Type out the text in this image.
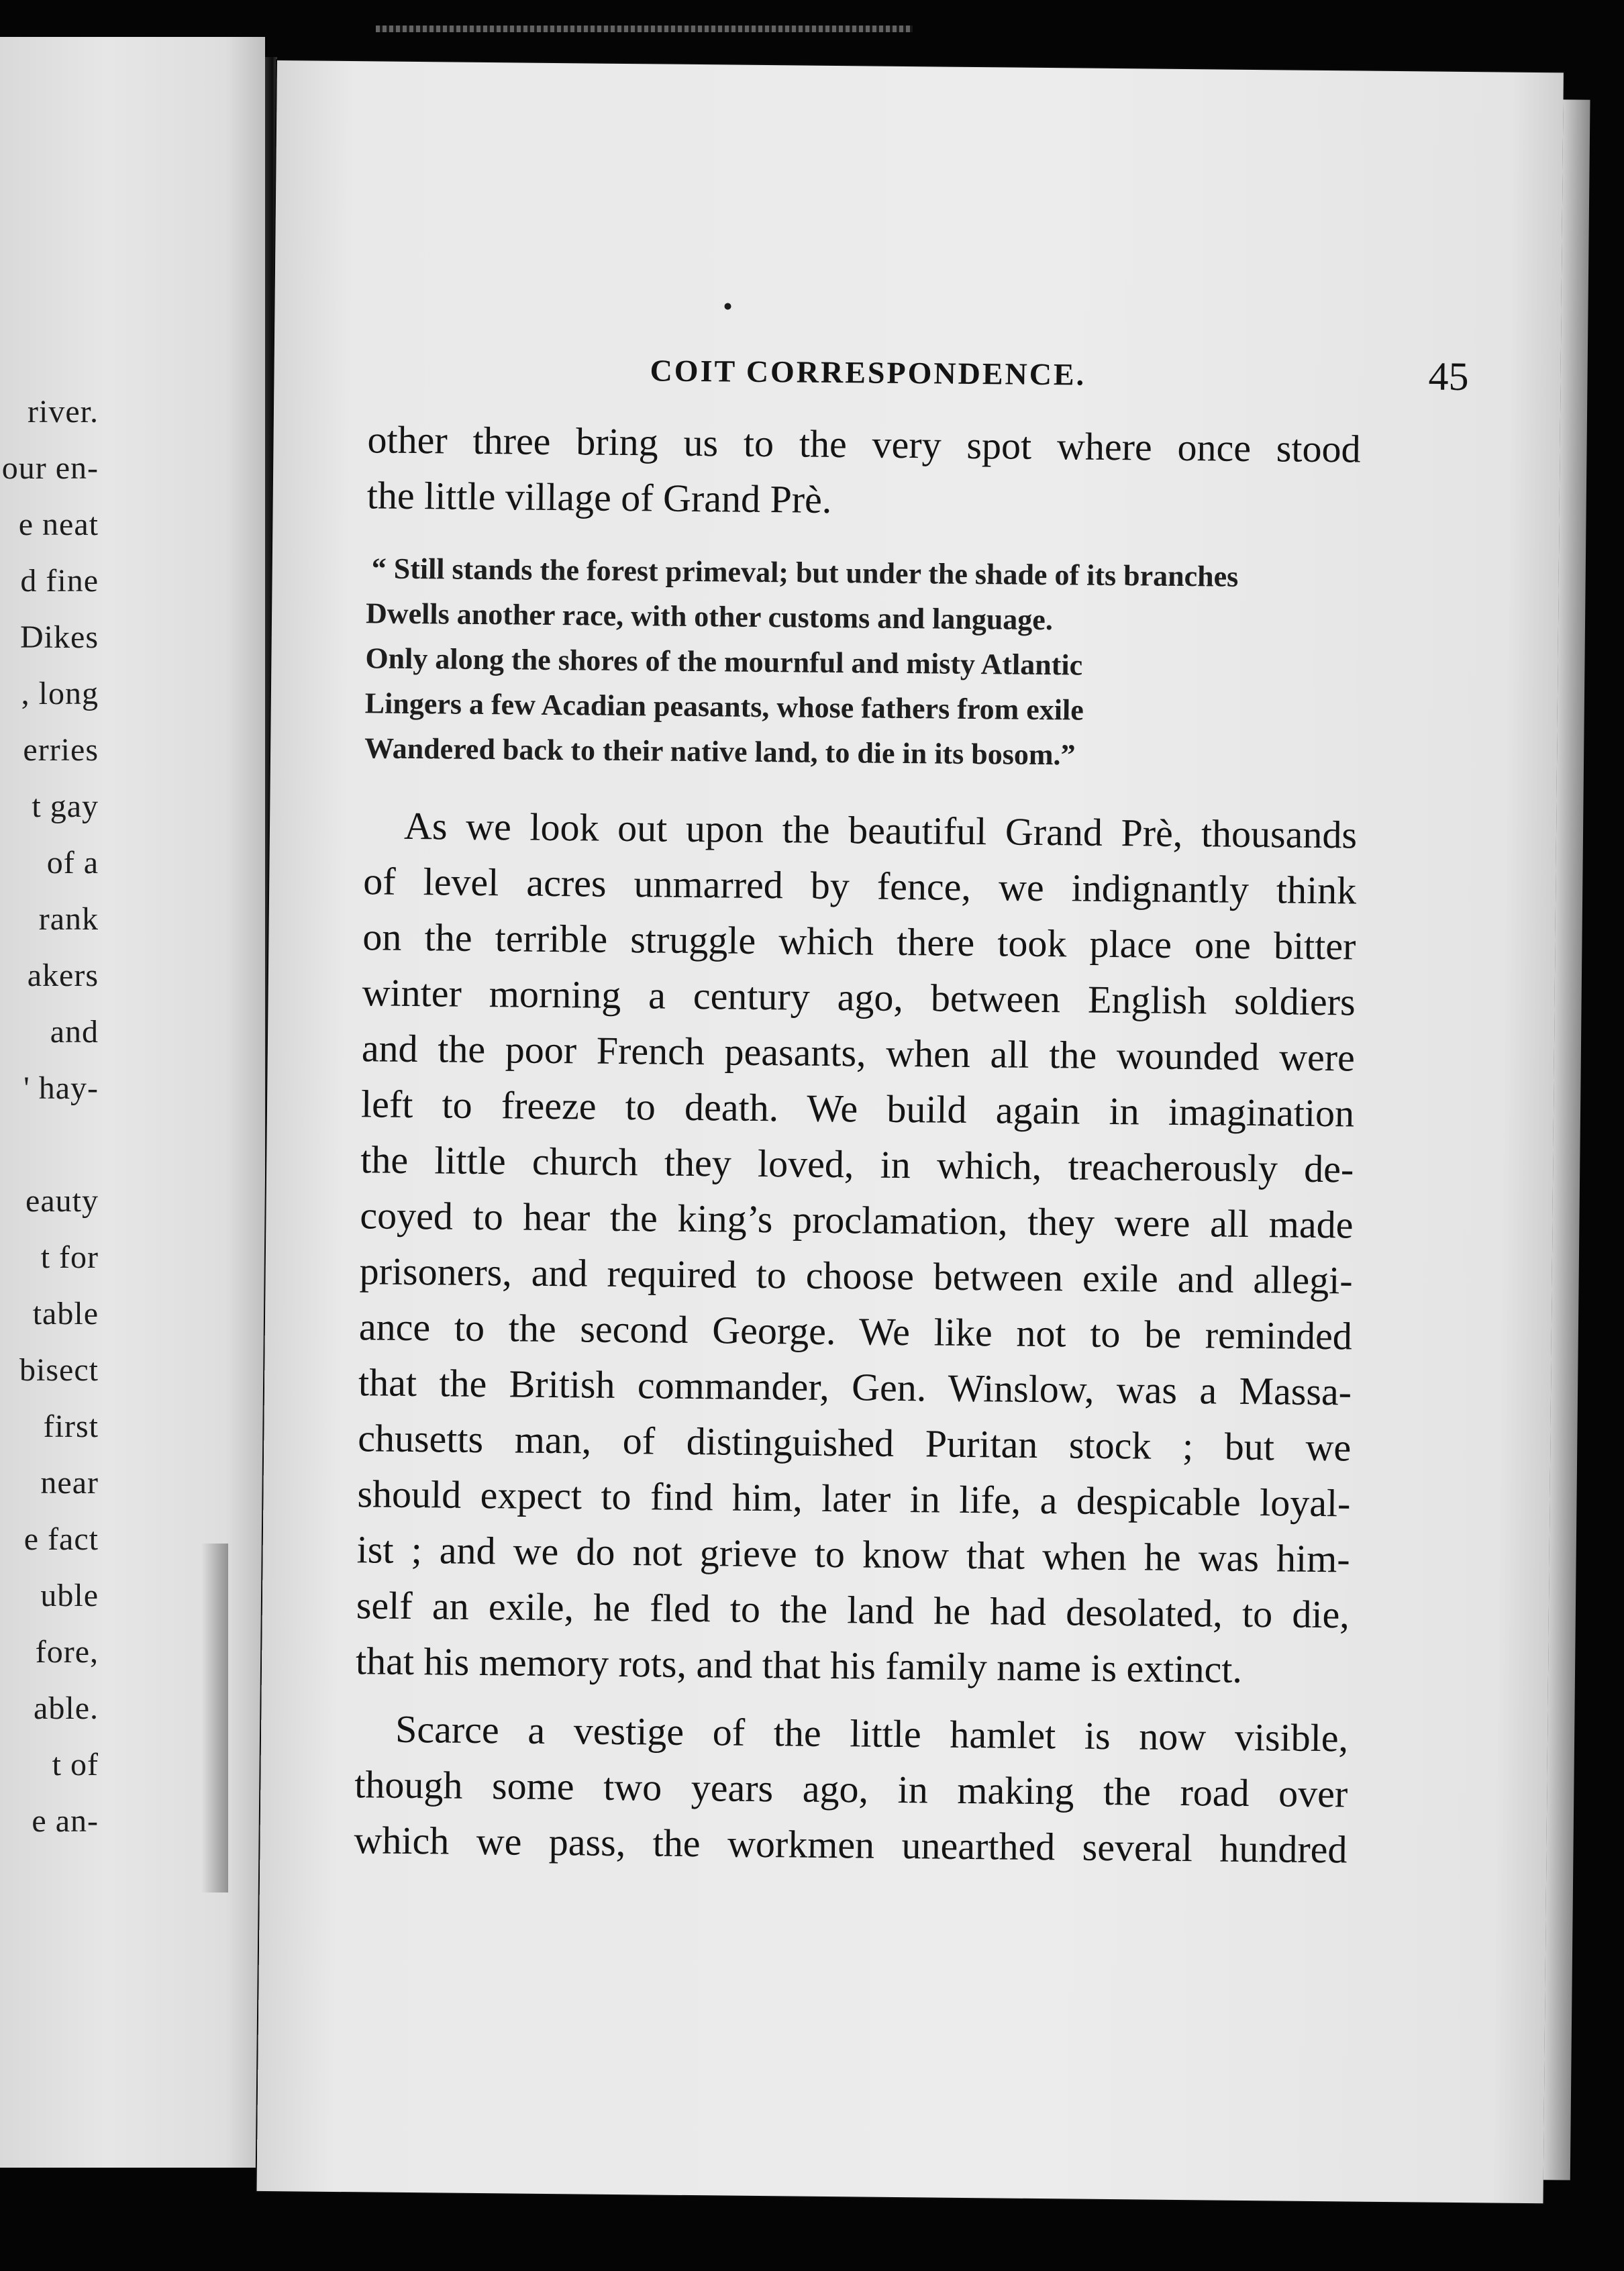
river.
our en-
e neat
d fine
Dikes
, long
erries
t gay
of a
rank
akers
and
' hay-
eauty
t for
table
bisect
first
near
e fact
uble
fore,
able.
t of
e an-
COIT CORRESPONDENCE.	45

other three bring us to the very spot where once stood
the little village of Grand Prè.

“ Still stands the forest primeval; but under the shade of its branches
Dwells another race, with other customs and language.
Only along the shores of the mournful and misty Atlantic
Lingers a few Acadian peasants, whose fathers from exile
Wandered back to their native land, to die in its bosom.”

As we look out upon the beautiful Grand Prè, thousands
of level acres unmarred by fence, we indignantly think
on the terrible struggle which there took place one bitter
winter morning a century ago, between English soldiers
and the poor French peasants, when all the wounded were
left to freeze to death. We build again in imagination
the little church they loved, in which, treacherously de-
coyed to hear the king’s proclamation, they were all made
prisoners, and required to choose between exile and allegi-
ance to the second George. We like not to be reminded
that the British commander, Gen. Winslow, was a Massa-
chusetts man, of distinguished Puritan stock ; but we
should expect to find him, later in life, a despicable loyal-
ist ; and we do not grieve to know that when he was him-
self an exile, he fled to the land he had desolated, to die,
that his memory rots, and that his family name is extinct.

Scarce a vestige of the little hamlet is now visible,
though some two years ago, in making the road over
which we pass, the workmen unearthed several hundred
